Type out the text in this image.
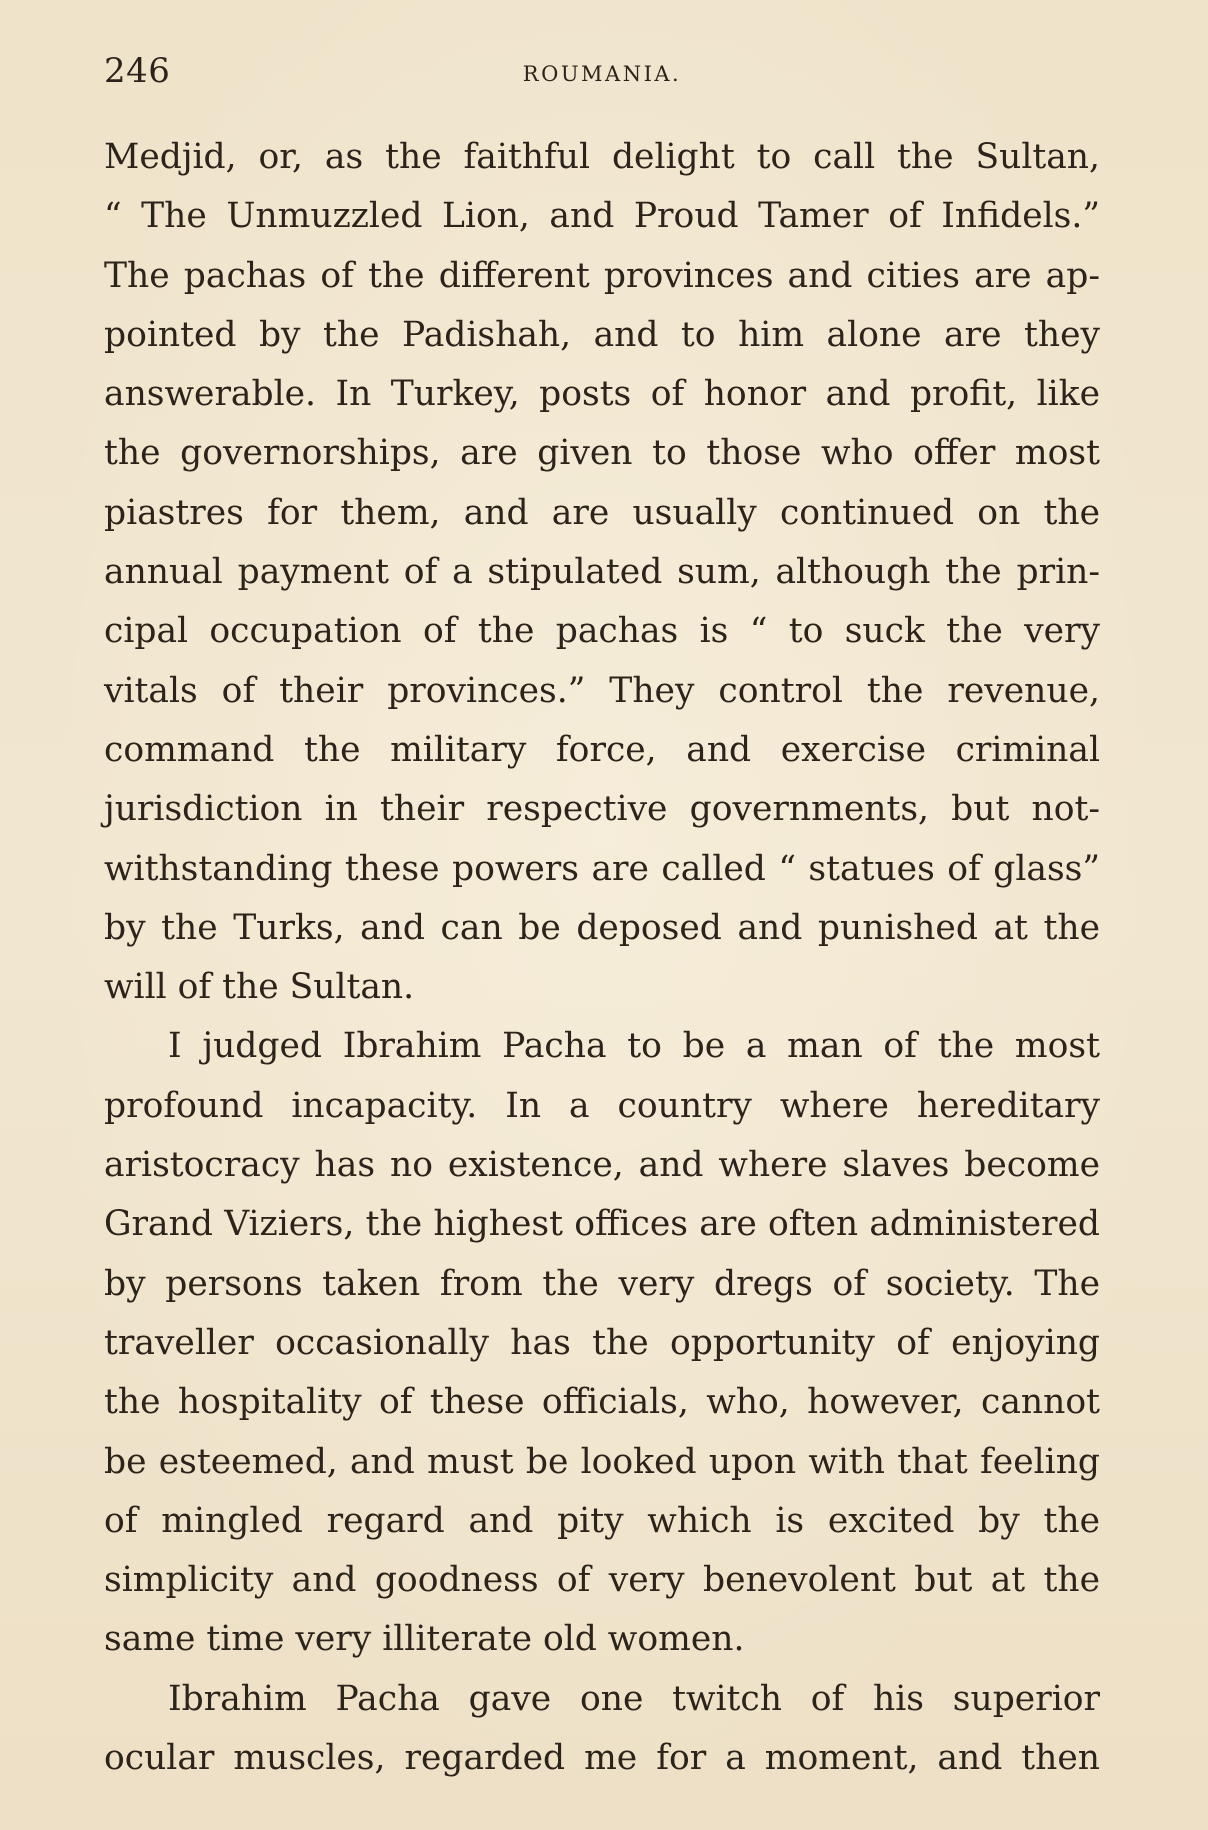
246	ROUMANIA.
Medjid, or, as the faithful delight to call the Sultan,
“ The Unmuzzled Lion, and Proud Tamer of Infidels.”
The pachas of the different provinces and cities are ap-
pointed by the Padishah, and to him alone are they
answerable. In Turkey, posts of honor and profit, like
the governorships, are given to those who offer most
piastres for them, and are usually continued on the
annual payment of a stipulated sum, although the prin-
cipal occupation of the pachas is “ to suck the very
vitals of their provinces.” They control the revenue,
command the military force, and exercise criminal
jurisdiction in their respective governments, but not-
withstanding these powers are called “ statues of glass”
by the Turks, and can be deposed and punished at the
will of the Sultan.
I judged Ibrahim Pacha to be a man of the most
profound incapacity. In a country where hereditary
aristocracy has no existence, and where slaves become
Grand Viziers, the highest offices are often administered
by persons taken from the very dregs of society. The
traveller occasionally has the opportunity of enjoying
the hospitality of these officials, who, however, cannot
be esteemed, and must be looked upon with that feeling
of mingled regard and pity which is excited by the
simplicity and goodness of very benevolent but at the
same time very illiterate old women.
Ibrahim Pacha gave one twitch of his superior
ocular muscles, regarded me for a moment, and then
